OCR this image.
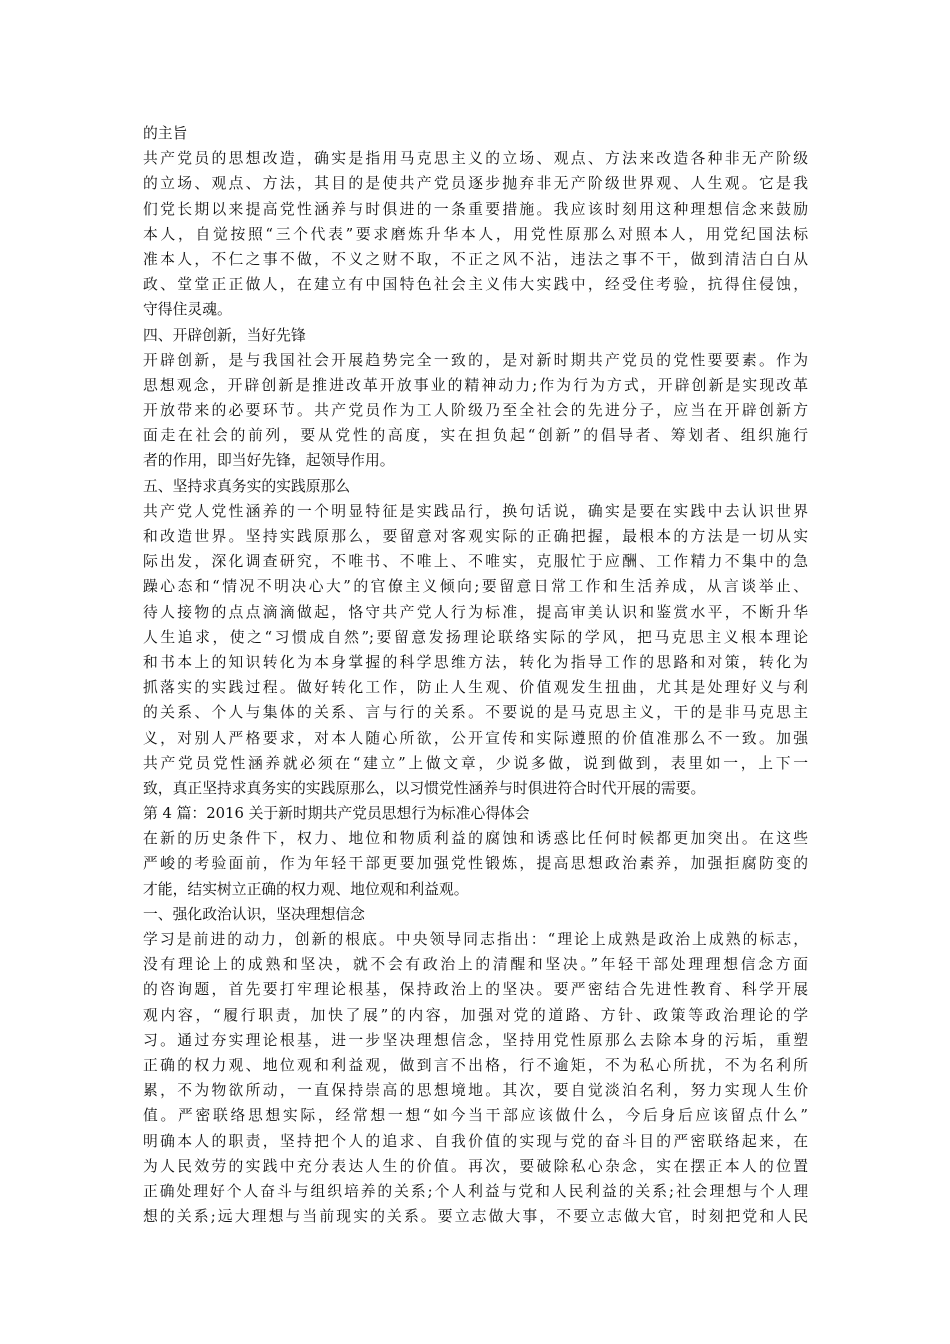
的主旨
共产党员的思想改造，确实是指用马克思主义的立场、观点、方法来改造各种非无产阶级
的立场、观点、方法，其目的是使共产党员逐步抛弃非无产阶级世界观、人生观。它是我
们党长期以来提高党性涵养与时俱进的一条重要措施。我应该时刻用这种理想信念来鼓励
本人，自觉按照“三个代表”要求磨炼升华本人，用党性原那么对照本人，用党纪国法标
准本人，不仁之事不做，不义之财不取，不正之风不沾，违法之事不干，做到清洁白白从
政、堂堂正正做人，在建立有中国特色社会主义伟大实践中，经受住考验，抗得住侵蚀，
守得住灵魂。
四、开辟创新，当好先锋
开辟创新，是与我国社会开展趋势完全一致的，是对新时期共产党员的党性要要素。作为
思想观念，开辟创新是推进改革开放事业的精神动力;作为行为方式，开辟创新是实现改革
开放带来的必要环节。共产党员作为工人阶级乃至全社会的先进分子，应当在开辟创新方
面走在社会的前列，要从党性的高度，实在担负起“创新”的倡导者、筹划者、组织施行
者的作用，即当好先锋，起领导作用。
五、坚持求真务实的实践原那么
共产党人党性涵养的一个明显特征是实践品行，换句话说，确实是要在实践中去认识世界
和改造世界。坚持实践原那么，要留意对客观实际的正确把握，最根本的方法是一切从实
际出发，深化调查研究，不唯书、不唯上、不唯实，克服忙于应酬、工作精力不集中的急
躁心态和“情况不明决心大”的官僚主义倾向;要留意日常工作和生活养成，从言谈举止、
待人接物的点点滴滴做起，恪守共产党人行为标准，提高审美认识和鉴赏水平，不断升华
人生追求，使之“习惯成自然”;要留意发扬理论联络实际的学风，把马克思主义根本理论
和书本上的知识转化为本身掌握的科学思维方法，转化为指导工作的思路和对策，转化为
抓落实的实践过程。做好转化工作，防止人生观、价值观发生扭曲，尤其是处理好义与利
的关系、个人与集体的关系、言与行的关系。不要说的是马克思主义，干的是非马克思主
义，对别人严格要求，对本人随心所欲，公开宣传和实际遵照的价值准那么不一致。加强
共产党员党性涵养就必须在“建立”上做文章，少说多做，说到做到，表里如一，上下一
致，真正坚持求真务实的实践原那么，以习惯党性涵养与时俱进符合时代开展的需要。
第 4 篇：2016 关于新时期共产党员思想行为标准心得体会
在新的历史条件下，权力、地位和物质利益的腐蚀和诱惑比任何时候都更加突出。在这些
严峻的考验面前，作为年轻干部更要加强党性锻炼，提高思想政治素养，加强拒腐防变的
才能，结实树立正确的权力观、地位观和利益观。
一、强化政治认识，坚决理想信念
学习是前进的动力，创新的根底。中央领导同志指出：“理论上成熟是政治上成熟的标志，
没有理论上的成熟和坚决，就不会有政治上的清醒和坚决。”年轻干部处理理想信念方面
的咨询题，首先要打牢理论根基，保持政治上的坚决。要严密结合先进性教育、科学开展
观内容，“履行职责，加快了展”的内容，加强对党的道路、方针、政策等政治理论的学
习。通过夯实理论根基，进一步坚决理想信念，坚持用党性原那么去除本身的污垢，重塑
正确的权力观、地位观和利益观，做到言不出格，行不逾矩，不为私心所扰，不为名利所
累，不为物欲所动，一直保持崇高的思想境地。其次，要自觉淡泊名利，努力实现人生价
值。严密联络思想实际，经常想一想“如今当干部应该做什么，今后身后应该留点什么”
明确本人的职责，坚持把个人的追求、自我价值的实现与党的奋斗目的严密联络起来，在
为人民效劳的实践中充分表达人生的价值。再次，要破除私心杂念，实在摆正本人的位置
正确处理好个人奋斗与组织培养的关系;个人利益与党和人民利益的关系;社会理想与个人理
想的关系;远大理想与当前现实的关系。要立志做大事，不要立志做大官，时刻把党和人民
